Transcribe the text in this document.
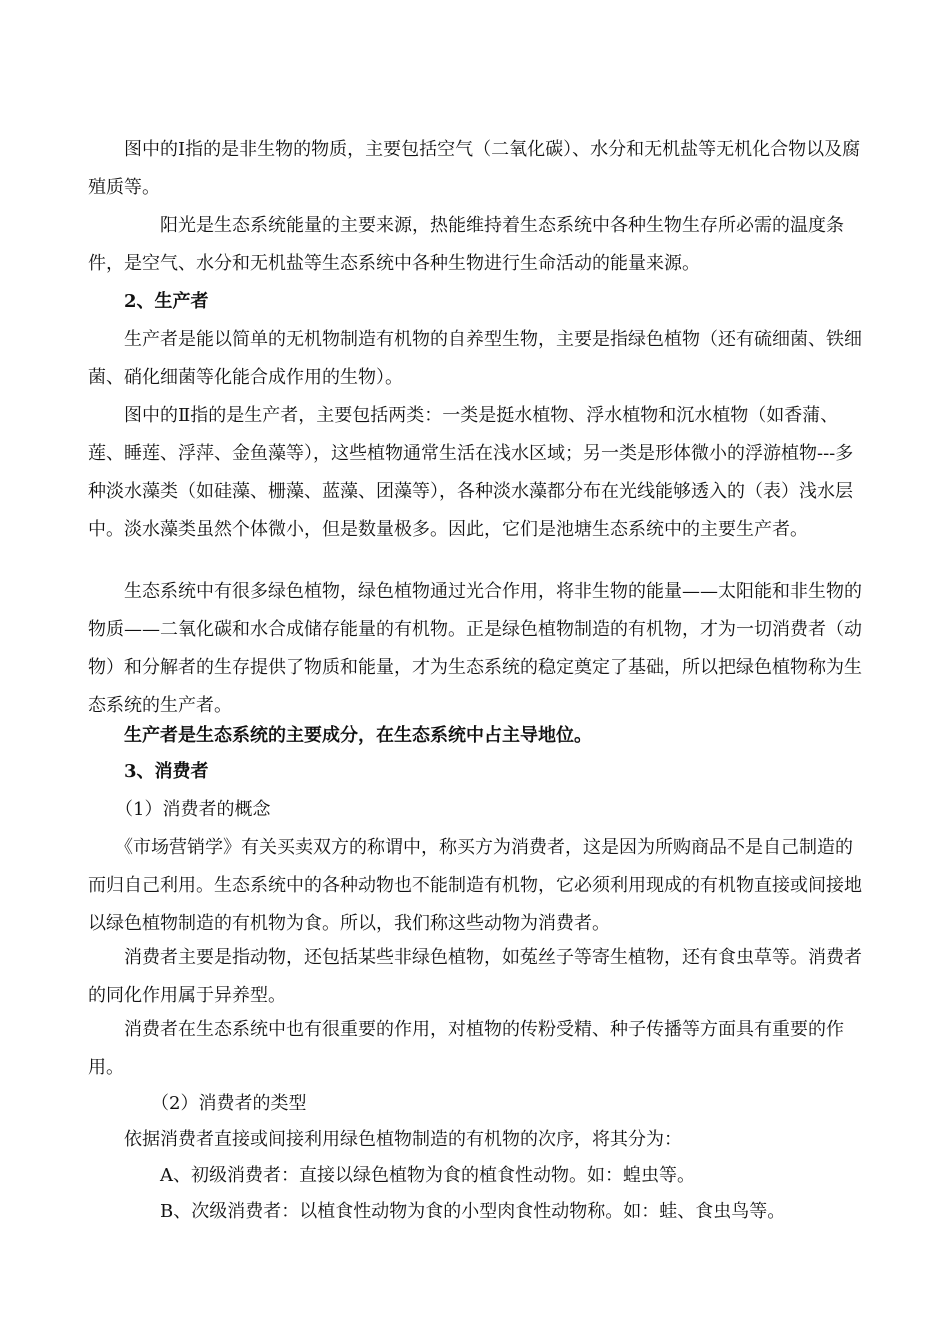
　　图中的Ⅰ指的是非生物的物质，主要包括空气（二氧化碳）、水分和无机盐等无机化合物以及腐殖质等。

　　　　阳光是生态系统能量的主要来源，热能维持着生态系统中各种生物生存所必需的温度条件，是空气、水分和无机盐等生态系统中各种生物进行生命活动的能量来源。

　　2、生产者

　　生产者是能以简单的无机物制造有机物的自养型生物，主要是指绿色植物（还有硫细菌、铁细菌、硝化细菌等化能合成作用的生物）。

　　图中的Ⅱ指的是生产者，主要包括两类：一类是挺水植物、浮水植物和沉水植物（如香蒲、莲、睡莲、浮萍、金鱼藻等），这些植物通常生活在浅水区域；另一类是形体微小的浮游植物---多种淡水藻类（如硅藻、栅藻、蓝藻、团藻等），各种淡水藻都分布在光线能够透入的（表）浅水层中。淡水藻类虽然个体微小，但是数量极多。因此，它们是池塘生态系统中的主要生产者。

　　生态系统中有很多绿色植物，绿色植物通过光合作用，将非生物的能量——太阳能和非生物的物质——二氧化碳和水合成储存能量的有机物。正是绿色植物制造的有机物，才为一切消费者（动物）和分解者的生存提供了物质和能量，才为生态系统的稳定奠定了基础，所以把绿色植物称为生态系统的生产者。

　　生产者是生态系统的主要成分，在生态系统中占主导地位。

　　3、消费者

　　（1）消费者的概念

　　《市场营销学》有关买卖双方的称谓中，称买方为消费者，这是因为所购商品不是自己制造的而归自己利用。生态系统中的各种动物也不能制造有机物，它必须利用现成的有机物直接或间接地以绿色植物制造的有机物为食。所以，我们称这些动物为消费者。

　　消费者主要是指动物，还包括某些非绿色植物，如菟丝子等寄生植物，还有食虫草等。消费者的同化作用属于异养型。

　　消费者在生态系统中也有很重要的作用，对植物的传粉受精、种子传播等方面具有重要的作用。

　　　　（2）消费者的类型

　　依据消费者直接或间接利用绿色植物制造的有机物的次序，将其分为：

　　　　A、初级消费者：直接以绿色植物为食的植食性动物。如：蝗虫等。

　　　　B、次级消费者：以植食性动物为食的小型肉食性动物称。如：蛙、食虫鸟等。
